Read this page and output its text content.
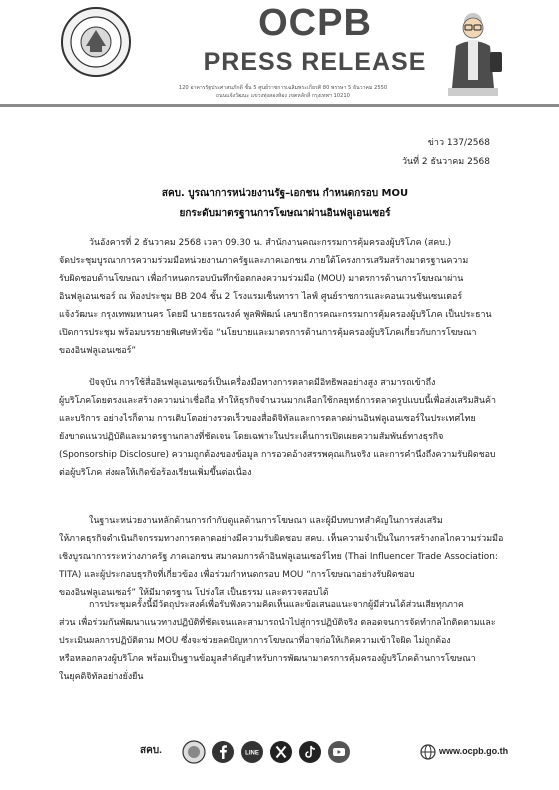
OCPB
PRESS RELEASE
120 อาคารรัฐประศาสนภักดี ชั้น 5 ศูนย์ราชการเฉลิมพระเกียรติ 80 พรรษา 5 ธันวาคม 2550
ถนนแจ้งวัฒนะ แขวงทุ่งสองห้อง เขตหลักสี่ กรุงเทพฯ 10210
ข่าว 137/2568
วันที่ 2 ธันวาคม 2568
สคบ. บูรณาการหน่วยงานรัฐ–เอกชน กำหนดกรอบ MOU
ยกระดับมาตรฐานการโฆษณาผ่านอินฟลูเอนเซอร์

วันอังคารที่ 2 ธันวาคม 2568 เวลา 09.30 น. สำนักงานคณะกรรมการคุ้มครองผู้บริโภค (สคบ.)

จัดประชุมบูรณาการความร่วมมือหน่วยงานภาครัฐและภาคเอกชน ภายใต้โครงการเสริมสร้างมาตรฐานความ

รับผิดชอบด้านโฆษณา เพื่อกำหนดกรอบบันทึกข้อตกลงความร่วมมือ (MOU) มาตรการด้านการโฆษณาผ่าน

อินฟลูเอนเซอร์ ณ ห้องประชุม BB 204 ชั้น 2 โรงแรมเซ็นทารา ไลฟ์ ศูนย์ราชการและคอนเวนชันเซนเตอร์

แจ้งวัฒนะ กรุงเทพมหานคร โดยมี นายธรณรงค์ พูลพิพัฒน์ เลขาธิการคณะกรรมการคุ้มครองผู้บริโภค เป็นประธาน

เปิดการประชุม พร้อมบรรยายพิเศษหัวข้อ “นโยบายและมาตรการด้านการคุ้มครองผู้บริโภคเกี่ยวกับการโฆษณา

ของอินฟลูเอนเซอร์”

ปัจจุบัน การใช้สื่ออินฟลูเอนเซอร์เป็นเครื่องมือทางการตลาดมีอิทธิพลอย่างสูง สามารถเข้าถึง

ผู้บริโภคโดยตรงและสร้างความน่าเชื่อถือ ทำให้ธุรกิจจำนวนมากเลือกใช้กลยุทธ์การตลาดรูปแบบนี้เพื่อส่งเสริมสินค้า

และบริการ อย่างไรก็ตาม การเติบโตอย่างรวดเร็วของสื่อดิจิทัลและการตลาดผ่านอินฟลูเอนเซอร์ในประเทศไทย

ยังขาดแนวปฏิบัติและมาตรฐานกลางที่ชัดเจน โดยเฉพาะในประเด็นการเปิดเผยความสัมพันธ์ทางธุรกิจ

(Sponsorship Disclosure) ความถูกต้องของข้อมูล การอวดอ้างสรรพคุณเกินจริง และการคำนึงถึงความรับผิดชอบ

ต่อผู้บริโภค ส่งผลให้เกิดข้อร้องเรียนเพิ่มขึ้นต่อเนื่อง

ในฐานะหน่วยงานหลักด้านการกำกับดูแลด้านการโฆษณา และผู้มีบทบาทสำคัญในการส่งเสริม

ให้ภาคธุรกิจดำเนินกิจกรรมทางการตลาดอย่างมีความรับผิดชอบ สคบ. เห็นความจำเป็นในการสร้างกลไกความร่วมมือ

เชิงบูรณาการระหว่างภาครัฐ ภาคเอกชน สมาคมการค้าอินฟลูเอนเซอร์ไทย (Thai Influencer Trade Association:

TITA) และผู้ประกอบธุรกิจที่เกี่ยวข้อง เพื่อร่วมกำหนดกรอบ MOU “การโฆษณาอย่างรับผิดชอบ

ของอินฟลูเอนเซอร์” ให้มีมาตรฐาน โปร่งใส เป็นธรรม และตรวจสอบได้

การประชุมครั้งนี้มีวัตถุประสงค์เพื่อรับฟังความคิดเห็นและข้อเสนอแนะจากผู้มีส่วนได้ส่วนเสียทุกภาค

ส่วน เพื่อร่วมกันพัฒนาแนวทางปฏิบัติที่ชัดเจนและสามารถนำไปสู่การปฏิบัติจริง ตลอดจนการจัดทำกลไกติดตามและ

ประเมินผลการปฏิบัติตาม MOU ซึ่งจะช่วยลดปัญหาการโฆษณาที่อาจก่อให้เกิดความเข้าใจผิด ไม่ถูกต้อง

หรือหลอกลวงผู้บริโภค พร้อมเป็นฐานข้อมูลสำคัญสำหรับการพัฒนามาตรการคุ้มครองผู้บริโภคด้านการโฆษณา

ในยุคดิจิทัลอย่างยั่งยืน

สคบ.	LINE	www.ocpb.go.th
